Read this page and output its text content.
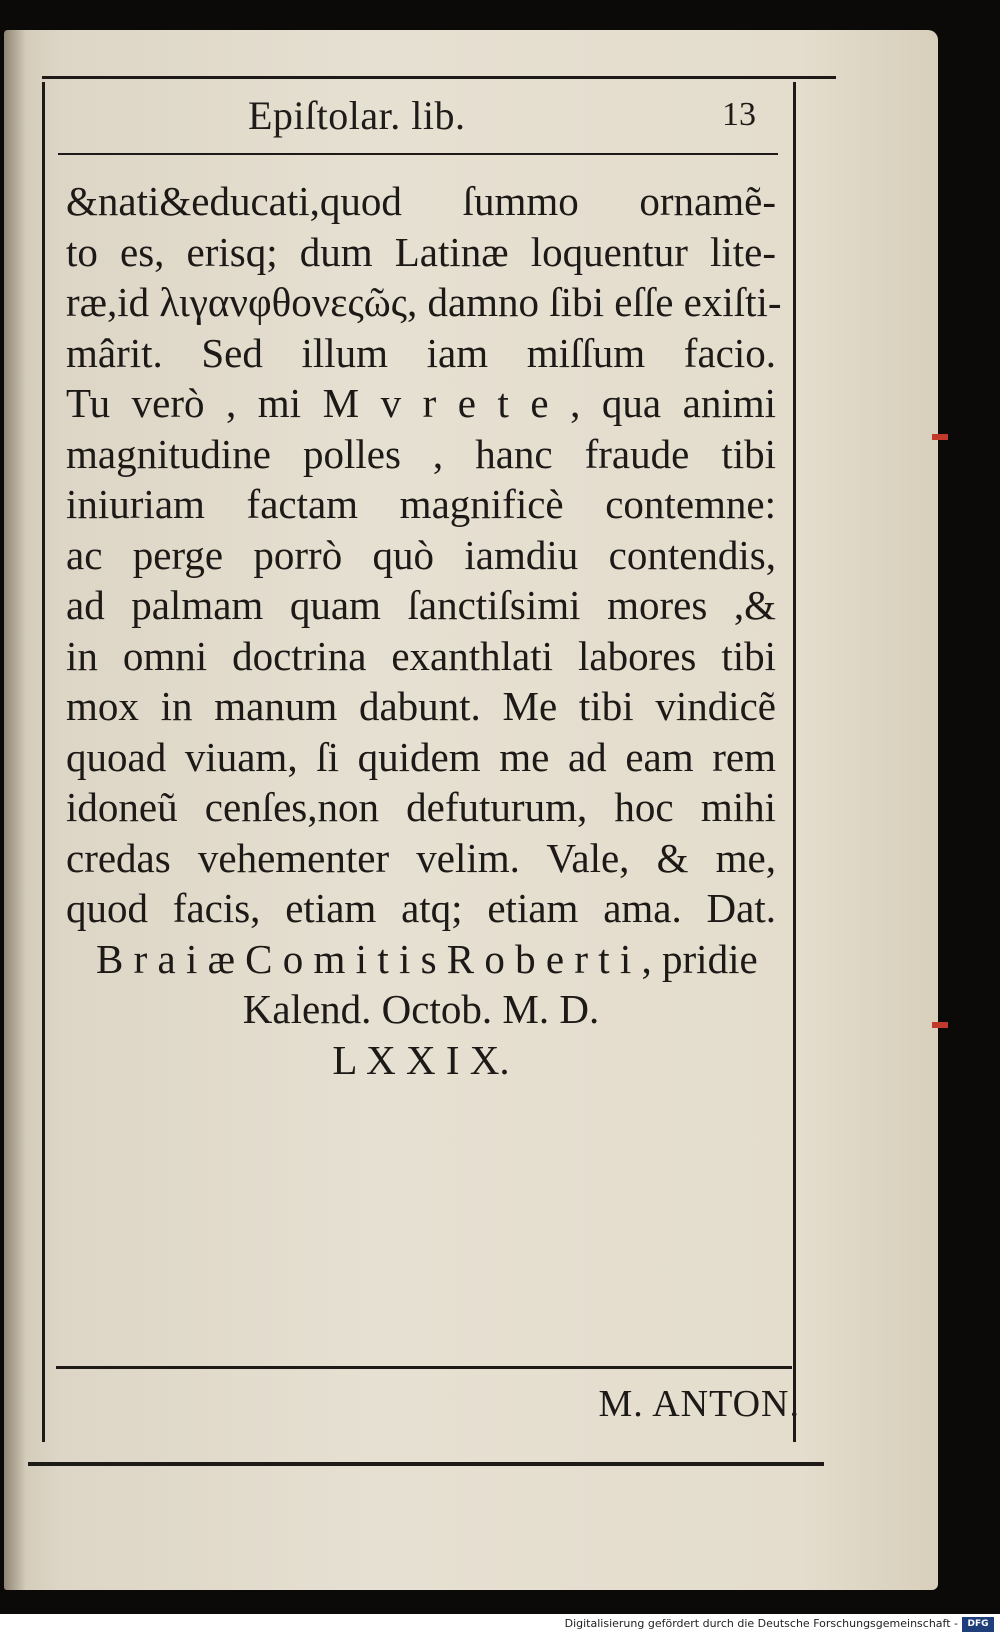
Epiſtolar. lib.	13
&nati&educati,quod ſummo ornamẽ-
to es, erisq; dum Latinæ loquentur lite-
ræ,id λιγανφθονεςῶς, damno ſibi eſſe exiſti-
mârit. Sed illum iam miſſum facio.
Tu verò , mi M v r e t e , qua animi
magnitudine polles , hanc fraude tibi
iniuriam factam magnificè contemne:
ac perge porrò quò iamdiu contendis,
ad palmam quam ſanctiſsimi mores ,&
in omni doctrina exanthlati labores tibi
mox in manum dabunt. Me tibi vindicẽ
quoad viuam, ſi quidem me ad eam rem
idoneũ cenſes,non defuturum, hoc mihi
credas vehementer velim. Vale, & me,
quod facis, etiam atq; etiam ama. Dat.
B r a i æ C o m i t i s R o b e r t i , pridie
Kalend. Octob. M. D.
L X X I X.
M. ANTON.
Digitalisierung gefördert durch die Deutsche Forschungsgemeinschaft -	DFG
